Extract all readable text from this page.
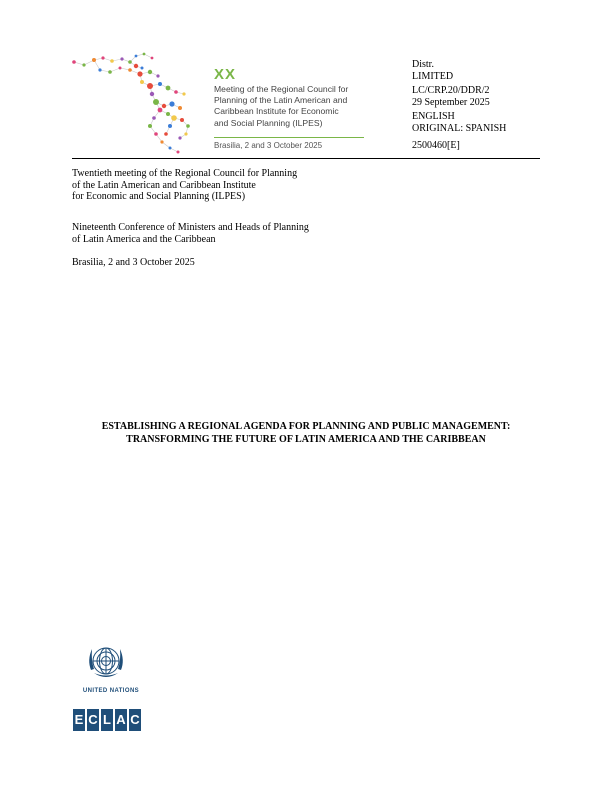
XX
Meeting of the Regional Council for
Planning of the Latin American and
Caribbean Institute for Economic
and Social Planning (ILPES)
Brasilia, 2 and 3 October 2025
Distr.
LIMITED
LC/CRP.20/DDR/2
29 September 2025
ENGLISH
ORIGINAL: SPANISH
2500460[E]
Twentieth meeting of the Regional Council for Planning
of the Latin American and Caribbean Institute
for Economic and Social Planning (ILPES)
Nineteenth Conference of Ministers and Heads of Planning
of Latin America and the Caribbean
Brasilia, 2 and 3 October 2025
ESTABLISHING A REGIONAL AGENDA FOR PLANNING AND PUBLIC MANAGEMENT:
TRANSFORMING THE FUTURE OF LATIN AMERICA AND THE CARIBBEAN
UNITED NATIONS
E C L A C
